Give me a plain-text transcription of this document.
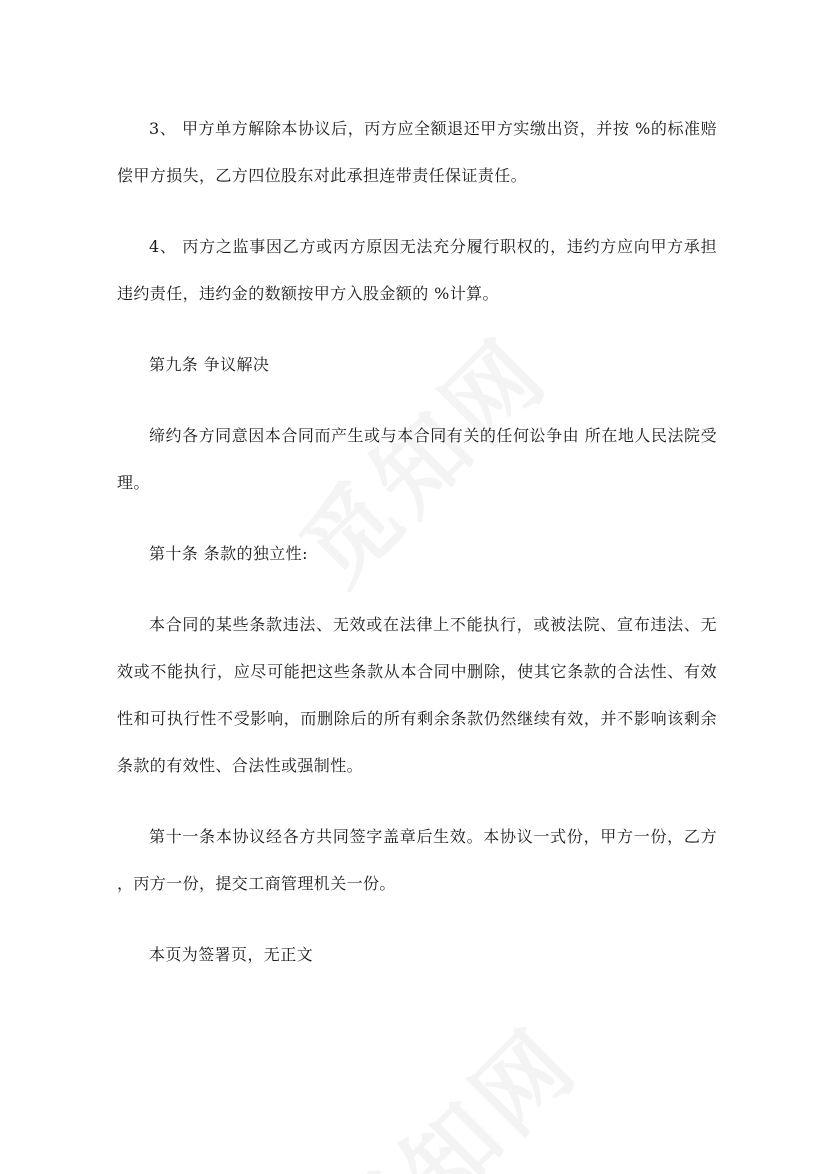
3、 甲方单方解除本协议后，丙方应全额退还甲方实缴出资，并按 %的标准赔偿甲方损失，乙方四位股东对此承担连带责任保证责任。

4、 丙方之监事因乙方或丙方原因无法充分履行职权的，违约方应向甲方承担违约责任，违约金的数额按甲方入股金额的 %计算。

第九条 争议解决

缔约各方同意因本合同而产生或与本合同有关的任何讼争由 所在地人民法院受理。

第十条 条款的独立性:

本合同的某些条款违法、无效或在法律上不能执行，或被法院、宣布违法、无效或不能执行，应尽可能把这些条款从本合同中删除，使其它条款的合法性、有效性和可执行性不受影响，而删除后的所有剩余条款仍然继续有效，并不影响该剩余条款的有效性、合法性或强制性。

第十一条本协议经各方共同签字盖章后生效。本协议一式份，甲方一份，乙方 ，丙方一份，提交工商管理机关一份。

本页为签署页，无正文
